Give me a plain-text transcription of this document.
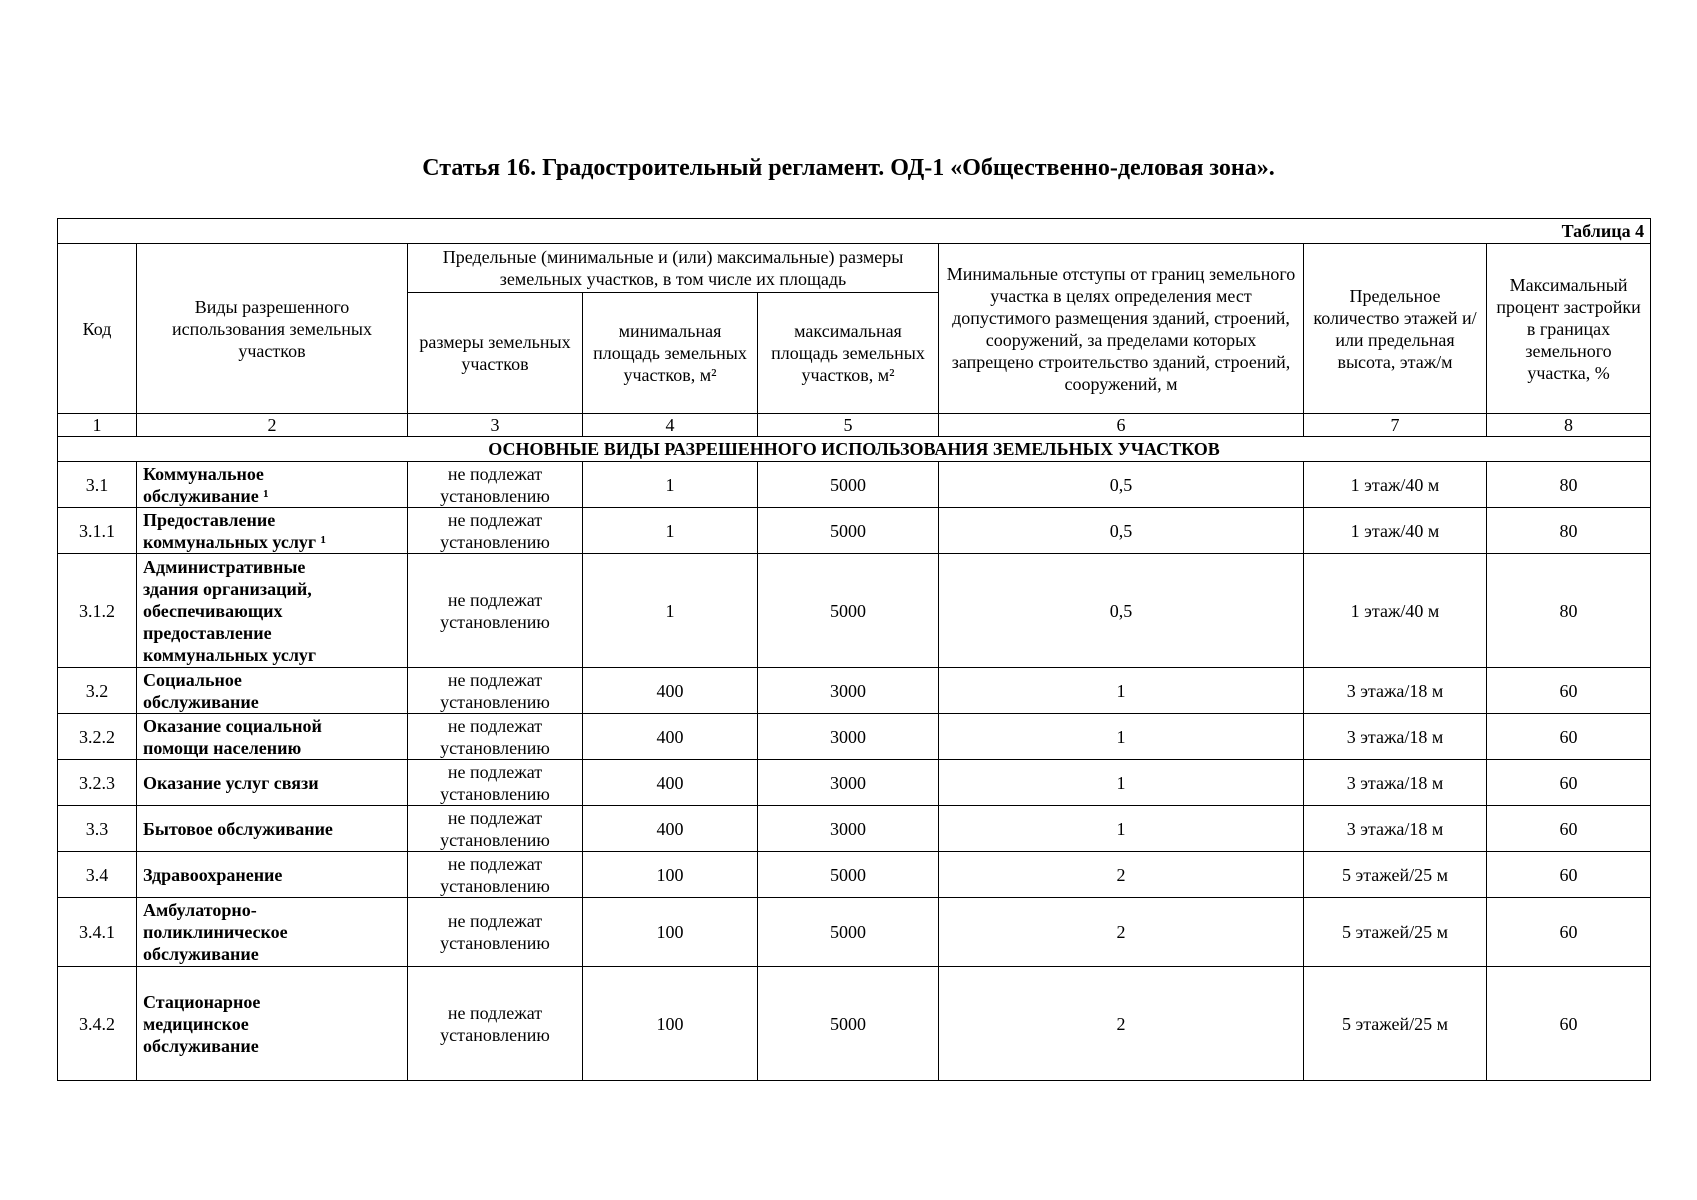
Статья 16. Градостроительный регламент. ОД-1 «Общественно-деловая зона».
Таблица 4							
Код	Виды разрешенного использования земельных участков	Предельные (минимальные и (или) максимальные) размеры земельных участков, в том числе их площадь			Минимальные отступы от границ земельного участка в целях определения мест допустимого размещения зданий, строений, сооружений, за пределами которых запрещено строительство зданий, строений, сооружений, м	Предельное количество этажей и/или предельная высота, этаж/м	Максимальный процент застройки в границах земельного участка, %
		размеры земельных участков	минимальная площадь земельных участков, м²	максимальная площадь земельных участков, м²			
1	2	3	4	5	6	7	8
ОСНОВНЫЕ ВИДЫ РАЗРЕШЕННОГО ИСПОЛЬЗОВАНИЯ ЗЕМЕЛЬНЫХ УЧАСТКОВ							
3.1	Коммунальное
обслуживание ¹	не подлежат
установлению	1	5000	0,5	1 этаж/40 м	80
3.1.1	Предоставление
коммунальных услуг ¹	не подлежат
установлению	1	5000	0,5	1 этаж/40 м	80
3.1.2	Административные
здания организаций,
обеспечивающих
предоставление
коммунальных услуг	не подлежат
установлению	1	5000	0,5	1 этаж/40 м	80
3.2	Социальное
обслуживание	не подлежат
установлению	400	3000	1	3 этажа/18 м	60
3.2.2	Оказание социальной
помощи населению	не подлежат
установлению	400	3000	1	3 этажа/18 м	60
3.2.3	Оказание услуг связи	не подлежат
установлению	400	3000	1	3 этажа/18 м	60
3.3	Бытовое обслуживание	не подлежат
установлению	400	3000	1	3 этажа/18 м	60
3.4	Здравоохранение	не подлежат
установлению	100	5000	2	5 этажей/25 м	60
3.4.1	Амбулаторно-
поликлиническое
обслуживание	не подлежат
установлению	100	5000	2	5 этажей/25 м	60
3.4.2	Стационарное
медицинское
обслуживание	не подлежат
установлению	100	5000	2	5 этажей/25 м	60
